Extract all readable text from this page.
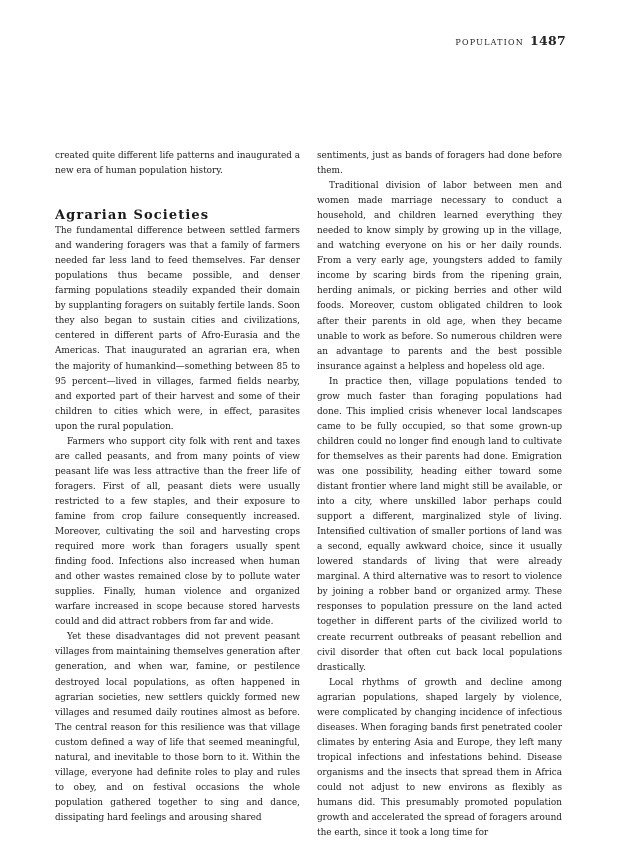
population 1487

created quite different life patterns and inaugurated a new era of human population history.

Agrarian Societies

The fundamental difference between settled farmers and wandering foragers was that a family of farmers needed far less land to feed themselves. Far denser populations thus became possible, and denser farming populations steadily expanded their domain by supplanting foragers on suitably fertile lands. Soon they also began to sustain cities and civilizations, centered in different parts of Afro-Eurasia and the Americas. That inaugurated an agrarian era, when the majority of humankind—something between 85 to 95 percent—lived in villages, farmed fields nearby, and exported part of their harvest and some of their children to cities which were, in effect, parasites upon the rural population.

Farmers who support city folk with rent and taxes are called peasants, and from many points of view peasant life was less attractive than the freer life of foragers. First of all, peasant diets were usually restricted to a few staples, and their exposure to famine from crop failure consequently increased. Moreover, cultivating the soil and harvesting crops required more work than foragers usually spent finding food. Infections also increased when human and other wastes remained close by to pollute water supplies. Finally, human violence and organized warfare increased in scope because stored harvests could and did attract robbers from far and wide.

Yet these disadvantages did not prevent peasant villages from maintaining themselves generation after generation, and when war, famine, or pestilence destroyed local populations, as often happened in agrarian societies, new settlers quickly formed new villages and resumed daily routines almost as before. The central reason for this resilience was that village custom defined a way of life that seemed meaningful, natural, and inevitable to those born to it. Within the village, everyone had definite roles to play and rules to obey, and on festival occasions the whole population gathered together to sing and dance, dissipating hard feelings and arousing shared

sentiments, just as bands of foragers had done before them.

Traditional division of labor between men and women made marriage necessary to conduct a household, and children learned everything they needed to know simply by growing up in the village, and watching everyone on his or her daily rounds. From a very early age, youngsters added to family income by scaring birds from the ripening grain, herding animals, or picking berries and other wild foods. Moreover, custom obligated children to look after their parents in old age, when they became unable to work as before. So numerous children were an advantage to parents and the best possible insurance against a helpless and hopeless old age.

In practice then, village populations tended to grow much faster than foraging populations had done. This implied crisis whenever local landscapes came to be fully occupied, so that some grown-up children could no longer find enough land to cultivate for themselves as their parents had done. Emigration was one possibility, heading either toward some distant frontier where land might still be available, or into a city, where unskilled labor perhaps could support a different, marginalized style of living. Intensified cultivation of smaller portions of land was a second, equally awkward choice, since it usually lowered standards of living that were already marginal. A third alternative was to resort to violence by joining a robber band or organized army. These responses to population pressure on the land acted together in different parts of the civilized world to create recurrent outbreaks of peasant rebellion and civil disorder that often cut back local populations drastically.

Local rhythms of growth and decline among agrarian populations, shaped largely by violence, were complicated by changing incidence of infectious diseases. When foraging bands first penetrated cooler climates by entering Asia and Europe, they left many tropical infections and infestations behind. Disease organisms and the insects that spread them in Africa could not adjust to new environs as flexibly as humans did. This presumably promoted population growth and accelerated the spread of foragers around the earth, since it took a long time for
